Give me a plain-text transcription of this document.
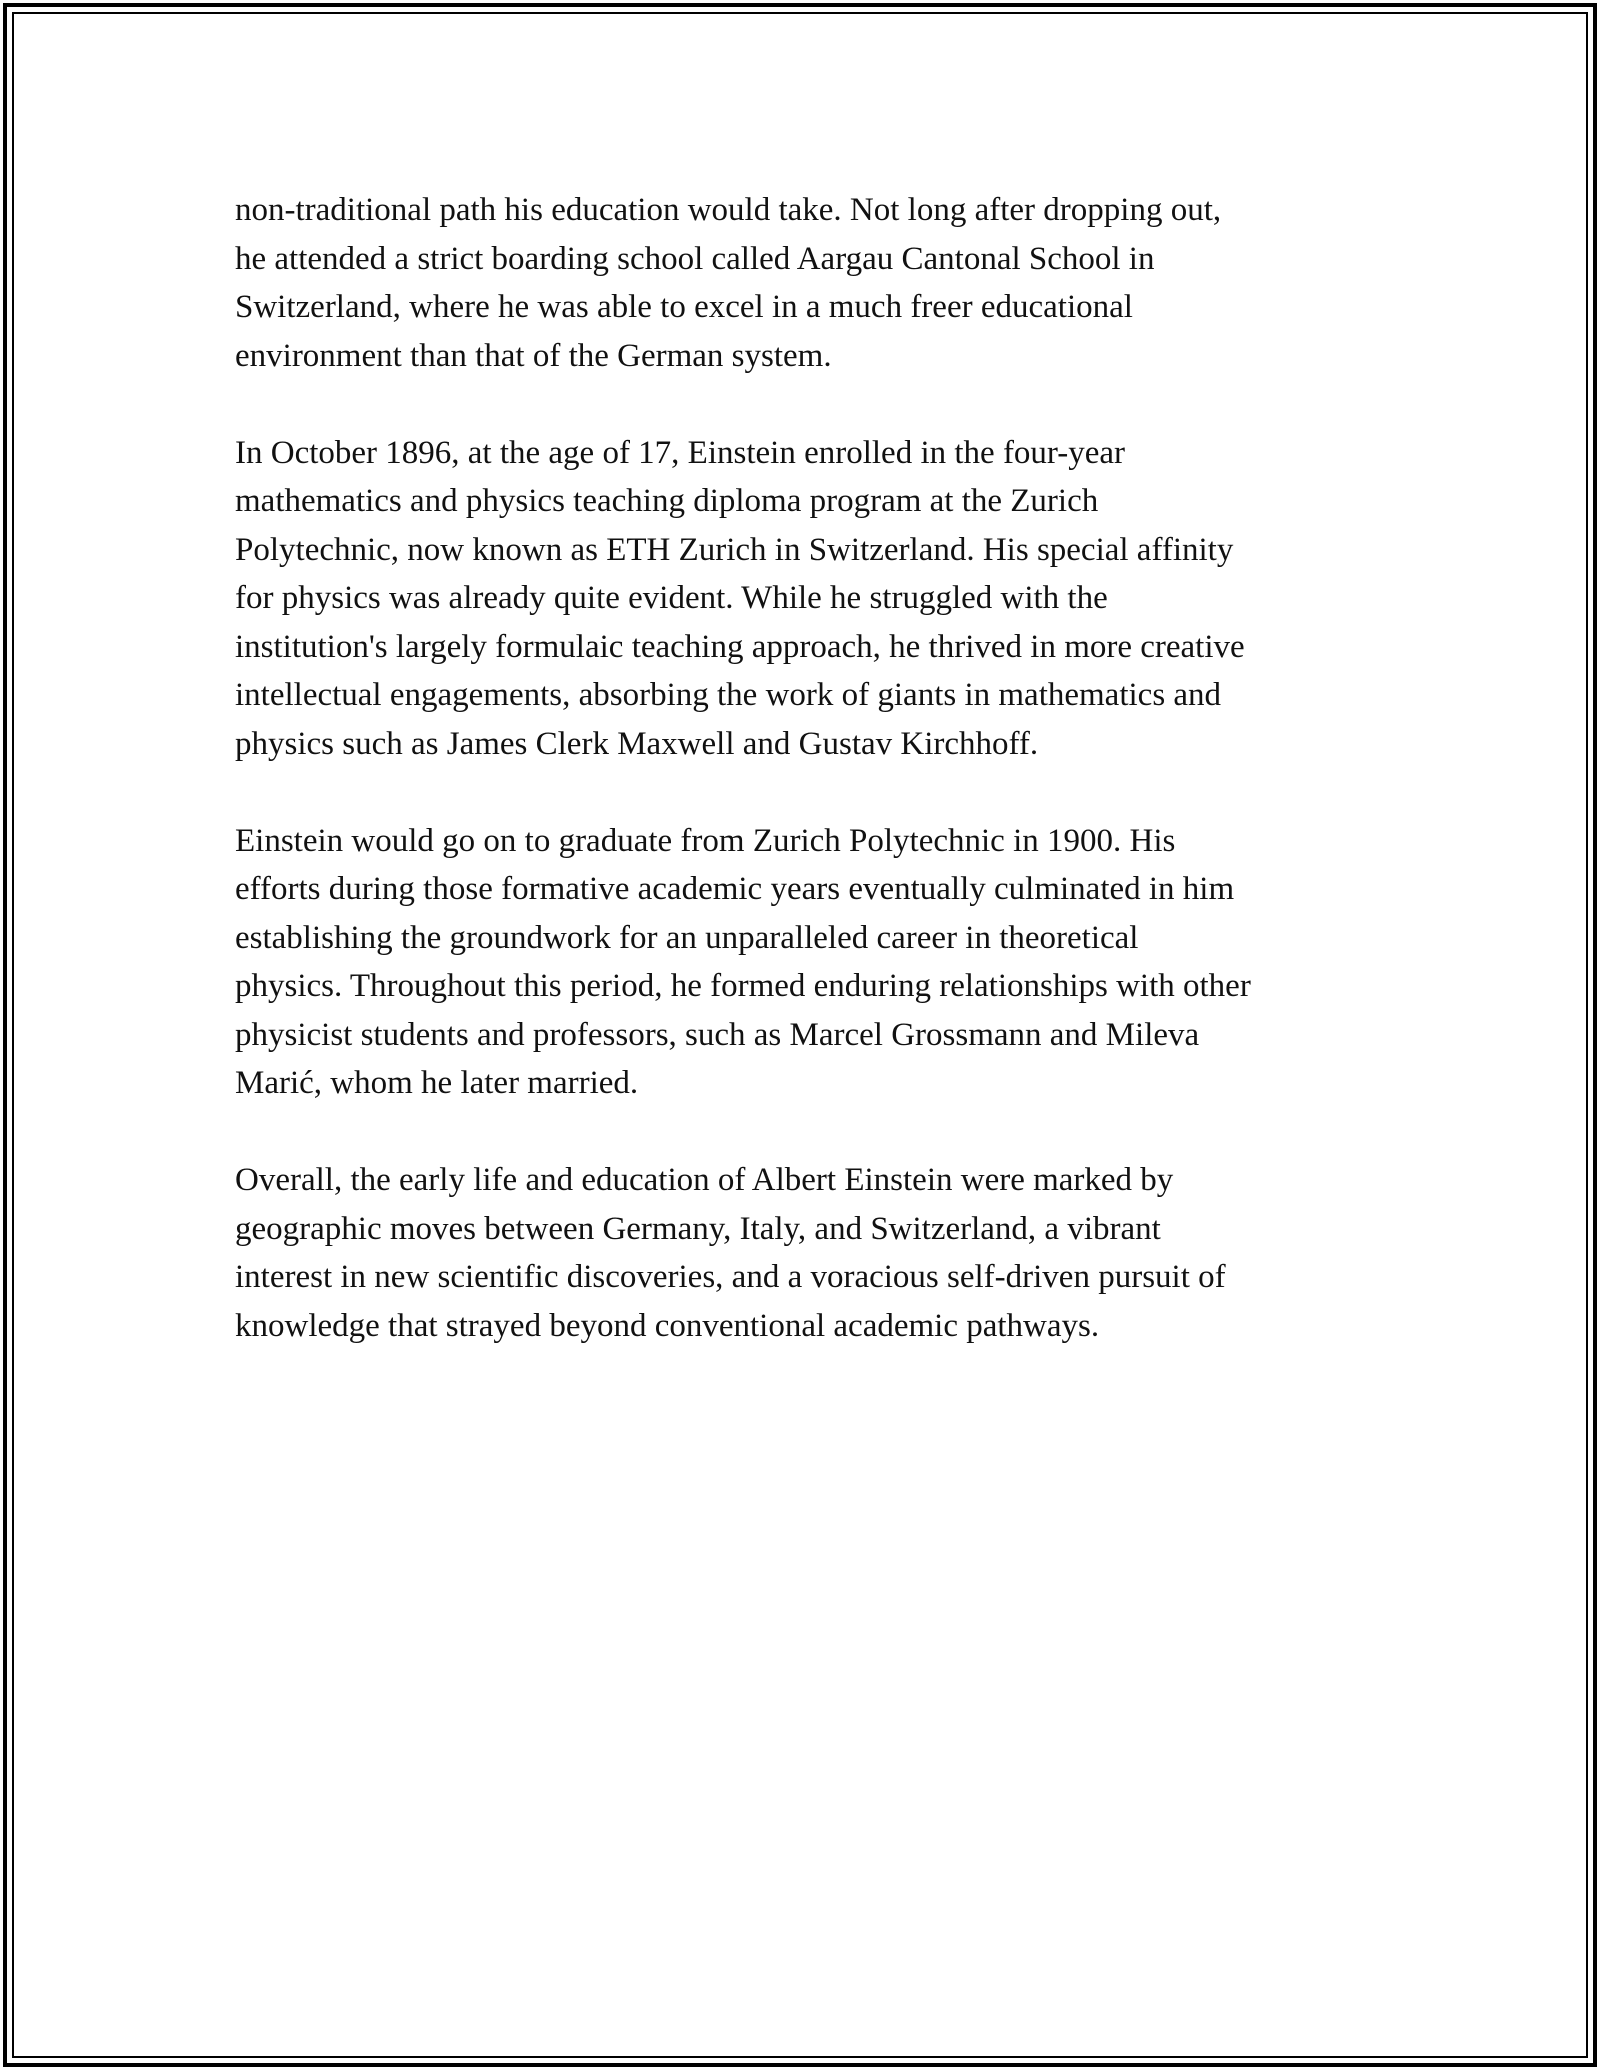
non-traditional path his education would take. Not long after dropping out,
he attended a strict boarding school called Aargau Cantonal School in
Switzerland, where he was able to excel in a much freer educational
environment than that of the German system.

In October 1896, at the age of 17, Einstein enrolled in the four-year
mathematics and physics teaching diploma program at the Zurich
Polytechnic, now known as ETH Zurich in Switzerland. His special affinity
for physics was already quite evident. While he struggled with the
institution's largely formulaic teaching approach, he thrived in more creative
intellectual engagements, absorbing the work of giants in mathematics and
physics such as James Clerk Maxwell and Gustav Kirchhoff.

Einstein would go on to graduate from Zurich Polytechnic in 1900. His
efforts during those formative academic years eventually culminated in him
establishing the groundwork for an unparalleled career in theoretical
physics. Throughout this period, he formed enduring relationships with other
physicist students and professors, such as Marcel Grossmann and Mileva
Marić, whom he later married.

Overall, the early life and education of Albert Einstein were marked by
geographic moves between Germany, Italy, and Switzerland, a vibrant
interest in new scientific discoveries, and a voracious self-driven pursuit of
knowledge that strayed beyond conventional academic pathways.
